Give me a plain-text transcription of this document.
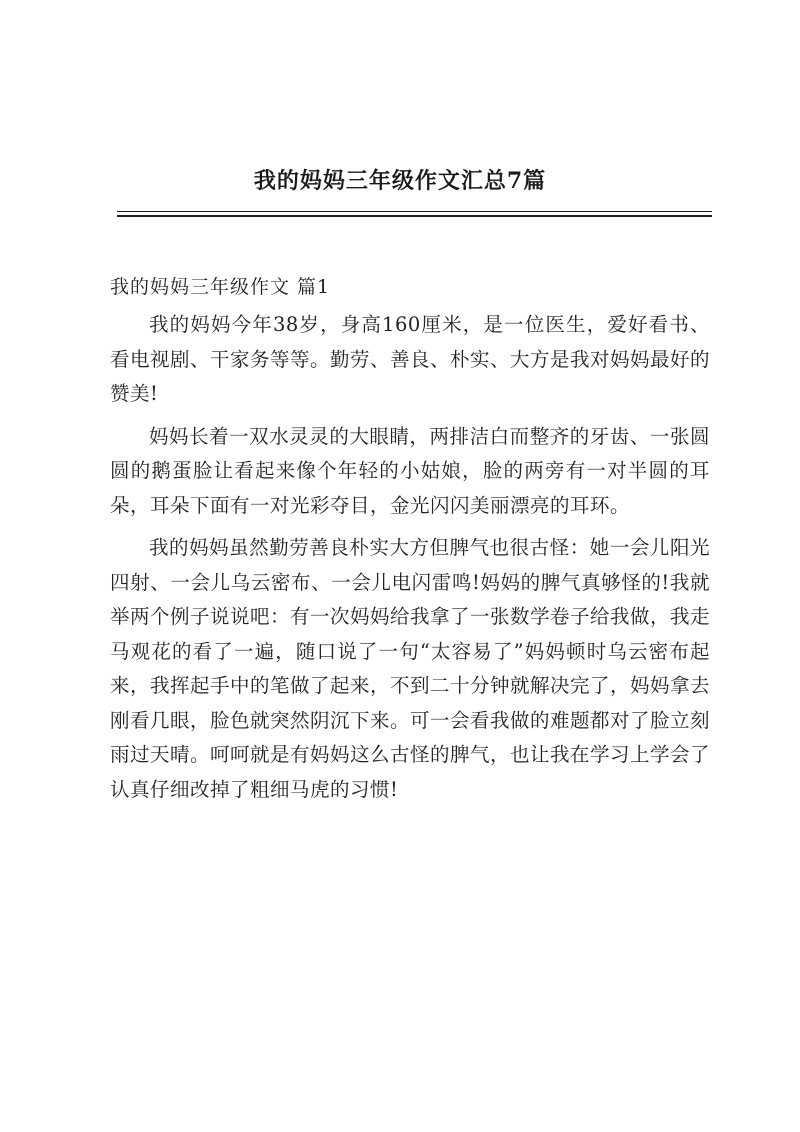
我的妈妈三年级作文汇总7篇
我的妈妈三年级作文 篇1

我的妈妈今年38岁，身高160厘米，是一位医生，爱好看书、看电视剧、干家务等等。勤劳、善良、朴实、大方是我对妈妈最好的赞美!

妈妈长着一双水灵灵的大眼睛，两排洁白而整齐的牙齿、一张圆圆的鹅蛋脸让看起来像个年轻的小姑娘，脸的两旁有一对半圆的耳朵，耳朵下面有一对光彩夺目，金光闪闪美丽漂亮的耳环。

我的妈妈虽然勤劳善良朴实大方但脾气也很古怪：她一会儿阳光四射、一会儿乌云密布、一会儿电闪雷鸣!妈妈的脾气真够怪的!我就举两个例子说说吧：有一次妈妈给我拿了一张数学卷子给我做，我走马观花的看了一遍，随口说了一句“太容易了”妈妈顿时乌云密布起来，我挥起手中的笔做了起来，不到二十分钟就解决完了，妈妈拿去刚看几眼，脸色就突然阴沉下来。可一会看我做的难题都对了脸立刻雨过天晴。呵呵就是有妈妈这么古怪的脾气，也让我在学习上学会了认真仔细改掉了粗细马虎的习惯!
